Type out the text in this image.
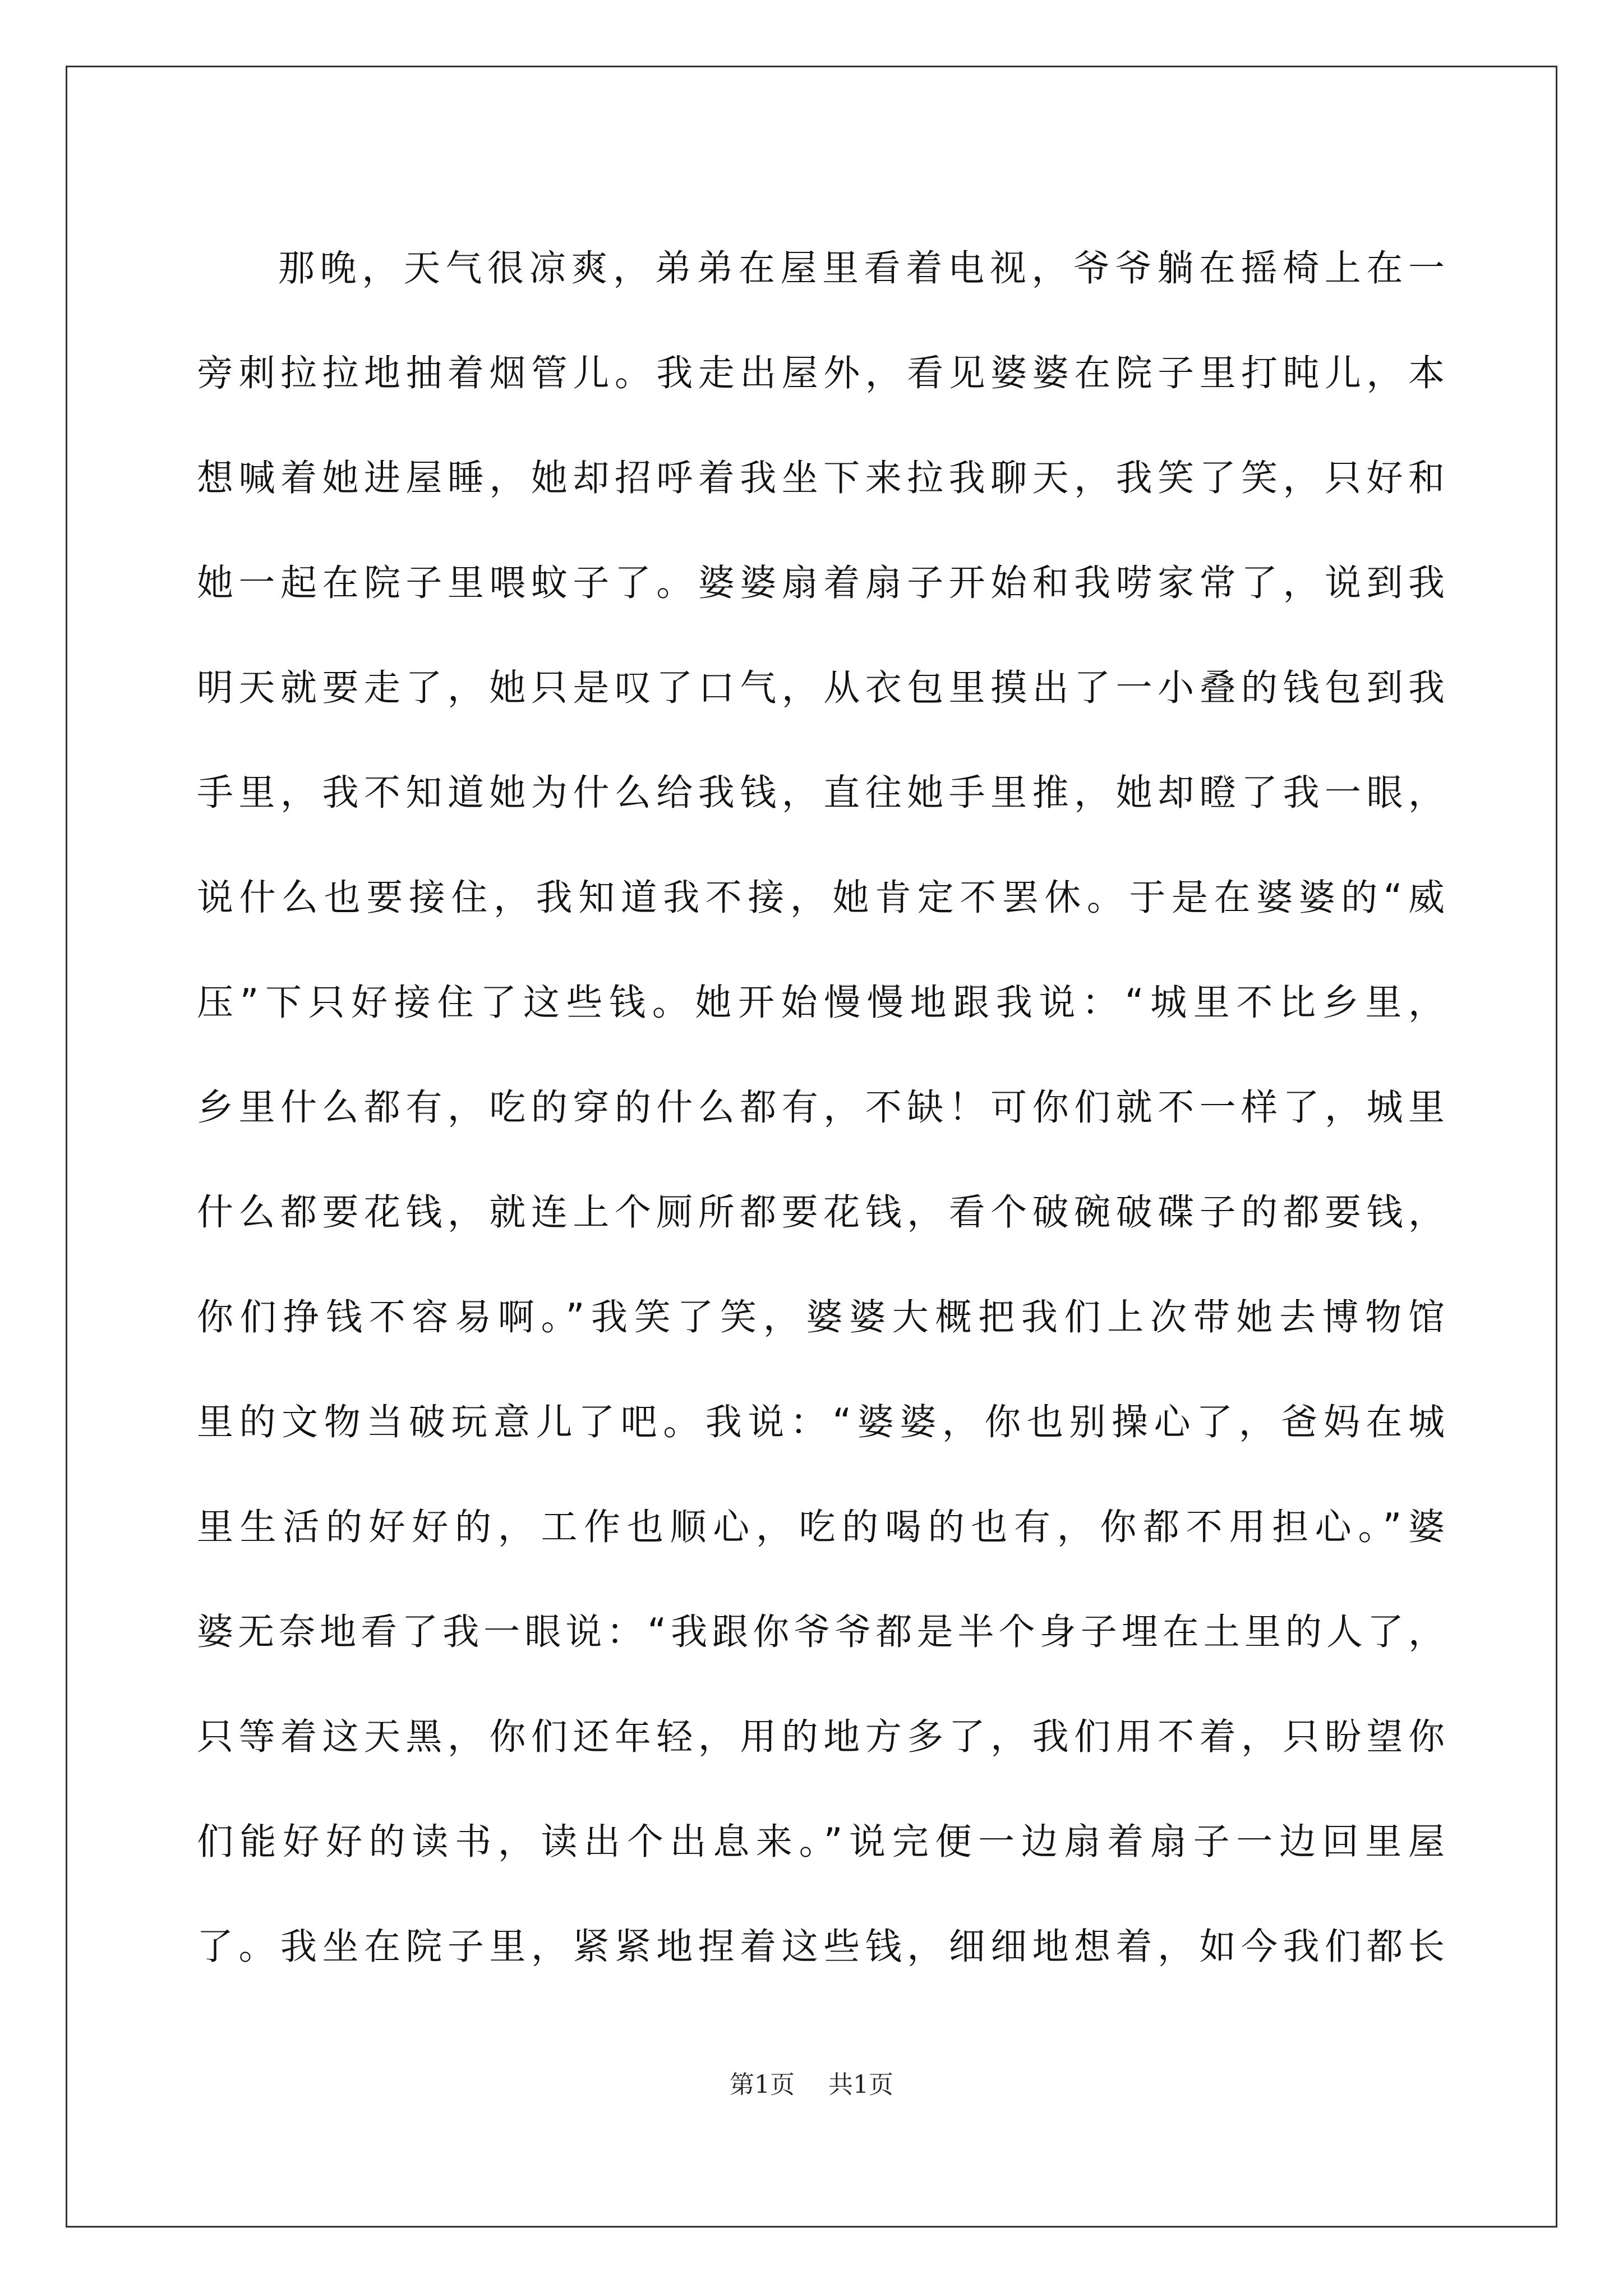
那晚，天气很凉爽，弟弟在屋里看着电视，爷爷躺在摇椅上在一
旁刺拉拉地抽着烟管儿。我走出屋外，看见婆婆在院子里打盹儿，本
想喊着她进屋睡，她却招呼着我坐下来拉我聊天，我笑了笑，只好和
她一起在院子里喂蚊子了。婆婆扇着扇子开始和我唠家常了，说到我
明天就要走了，她只是叹了口气，从衣包里摸出了一小叠的钱包到我
手里，我不知道她为什么给我钱，直往她手里推，她却瞪了我一眼，
说什么也要接住，我知道我不接，她肯定不罢休。于是在婆婆的“威
压”下只好接住了这些钱。她开始慢慢地跟我说：“城里不比乡里，
乡里什么都有，吃的穿的什么都有，不缺！可你们就不一样了，城里
什么都要花钱，就连上个厕所都要花钱，看个破碗破碟子的都要钱，
你们挣钱不容易啊。”我笑了笑，婆婆大概把我们上次带她去博物馆
里的文物当破玩意儿了吧。我说：“婆婆，你也别操心了，爸妈在城
里生活的好好的，工作也顺心，吃的喝的也有，你都不用担心。”婆
婆无奈地看了我一眼说：“我跟你爷爷都是半个身子埋在土里的人了，
只等着这天黑，你们还年轻，用的地方多了，我们用不着，只盼望你
们能好好的读书，读出个出息来。”说完便一边扇着扇子一边回里屋
了。我坐在院子里，紧紧地捏着这些钱，细细地想着，如今我们都长
第1页 共1页
